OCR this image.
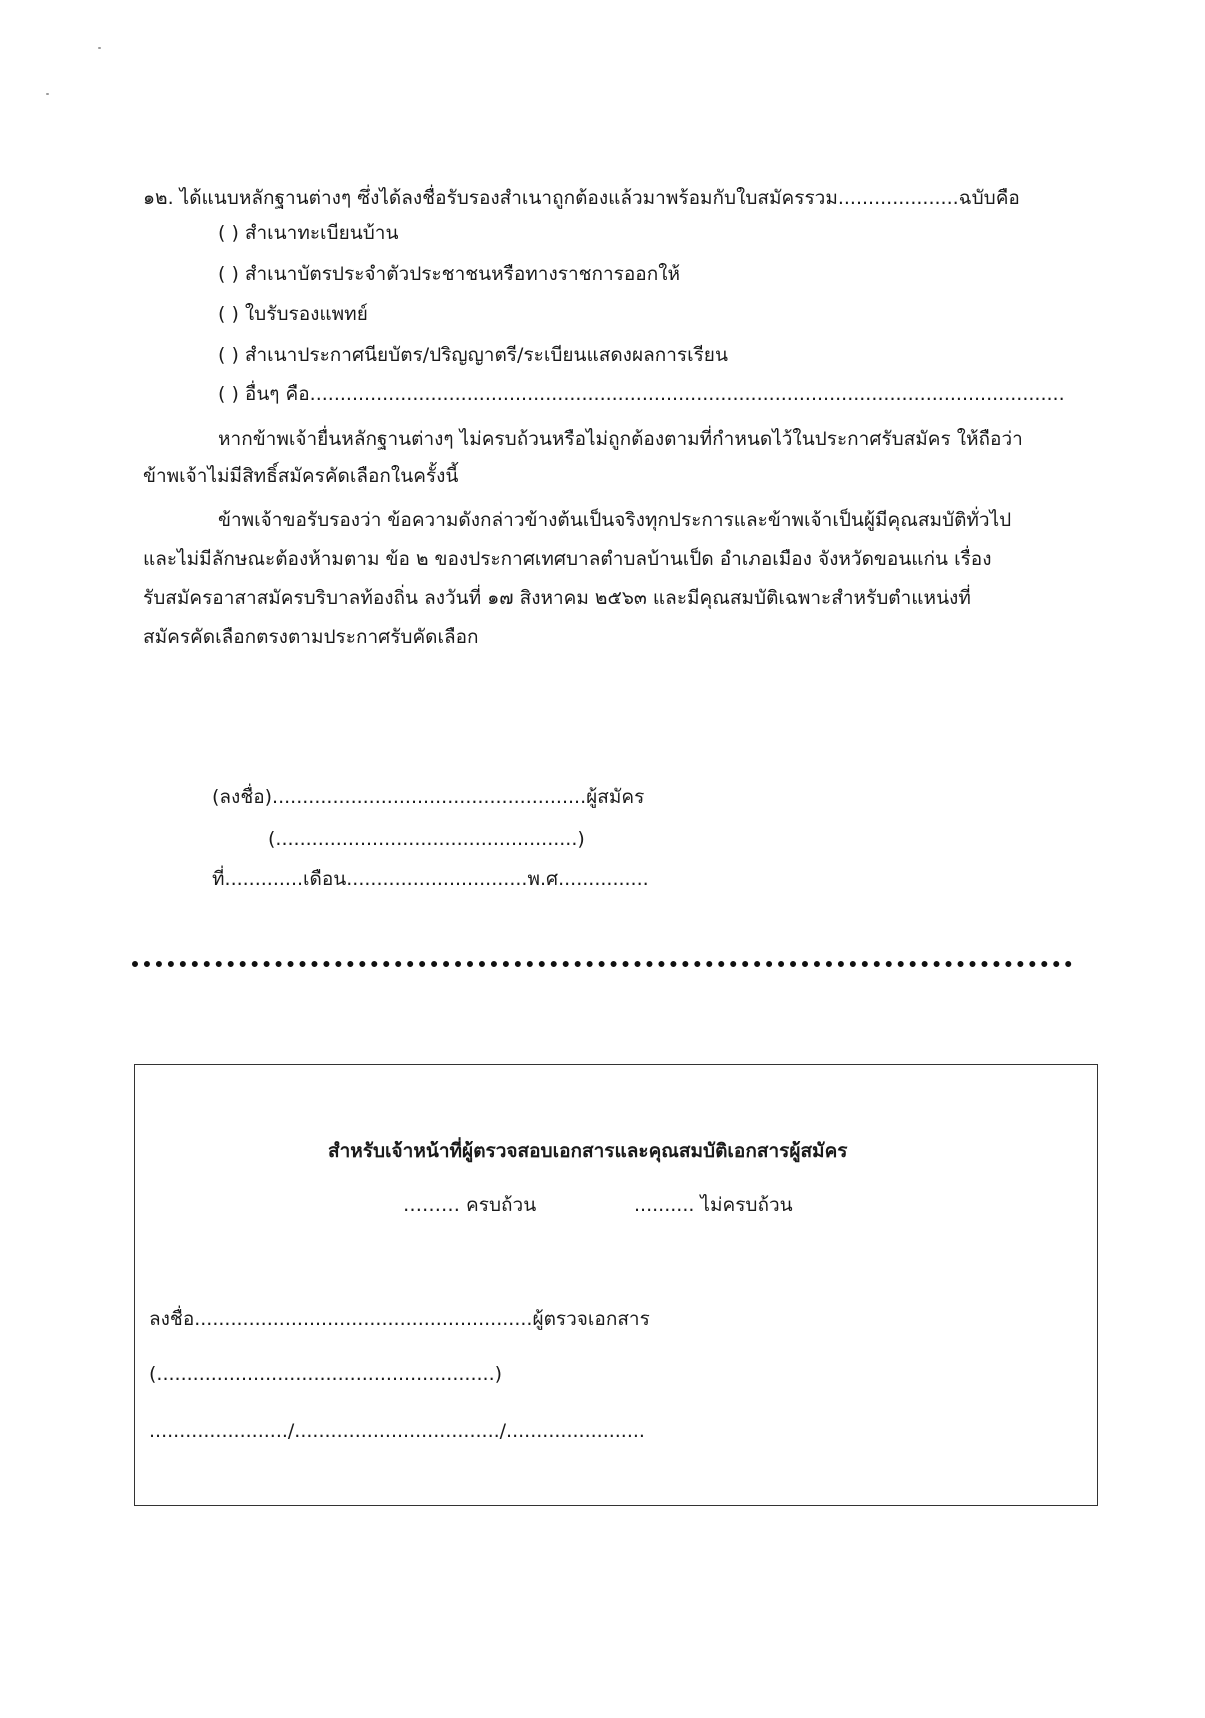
๑๒. ได้แนบหลักฐานต่างๆ ซึ่งได้ลงชื่อรับรองสำเนาถูกต้องแล้วมาพร้อมกับใบสมัครรวม....................ฉบับคือ
( ) สำเนาทะเบียนบ้าน
( ) สำเนาบัตรประจำตัวประชาชนหรือทางราชการออกให้
( ) ใบรับรองแพทย์
( ) สำเนาประกาศนียบัตร/ปริญญาตรี/ระเบียนแสดงผลการเรียน
( ) อื่นๆ คือ.............................................................................................................................
หากข้าพเจ้ายื่นหลักฐานต่างๆ ไม่ครบถ้วนหรือไม่ถูกต้องตามที่กำหนดไว้ในประกาศรับสมัคร ให้ถือว่า
ข้าพเจ้าไม่มีสิทธิ์สมัครคัดเลือกในครั้งนี้
ข้าพเจ้าขอรับรองว่า ข้อความดังกล่าวข้างต้นเป็นจริงทุกประการและข้าพเจ้าเป็นผู้มีคุณสมบัติทั่วไป
และไม่มีลักษณะต้องห้ามตาม ข้อ ๒ ของประกาศเทศบาลตำบลบ้านเป็ด อำเภอเมือง จังหวัดขอนแก่น เรื่อง
รับสมัครอาสาสมัครบริบาลท้องถิ่น ลงวันที่ ๑๗ สิงหาคม ๒๕๖๓ และมีคุณสมบัติเฉพาะสำหรับตำแหน่งที่
สมัครคัดเลือกตรงตามประกาศรับคัดเลือก
(ลงชื่อ)....................................................ผู้สมัคร
(..................................................)
ที่.............เดือน..............................พ.ศ...............
สำหรับเจ้าหน้าที่ผู้ตรวจสอบเอกสารและคุณสมบัติเอกสารผู้สมัคร
……… ครบถ้วน	.......... ไม่ครบถ้วน
ลงชื่อ........................................................ผู้ตรวจเอกสาร
(........................................................)
......................./................................../.......................
